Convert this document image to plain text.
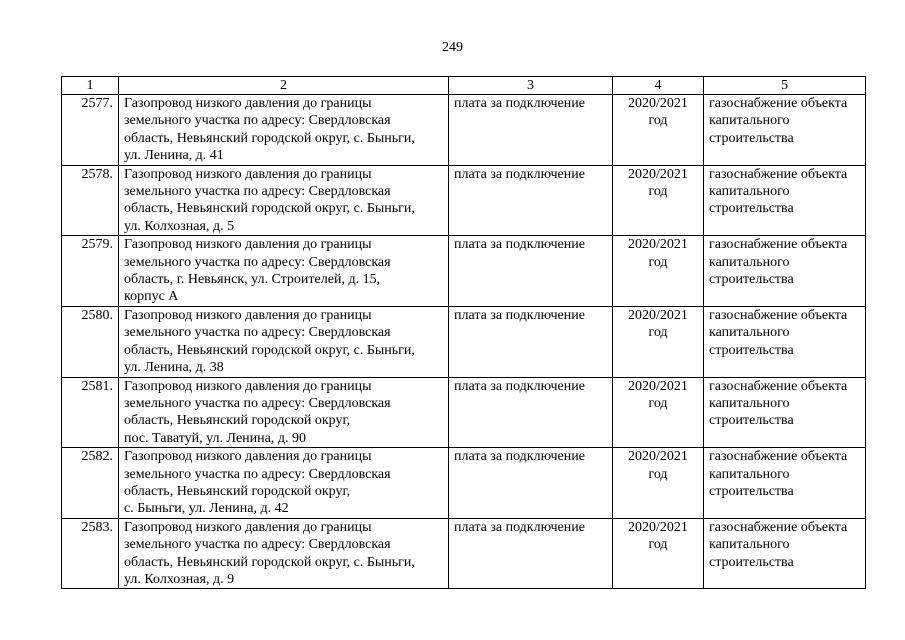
249
1	2	3	4	5
2577.	Газопровод низкого давления до границы
земельного участка по адресу: Свердловская
область, Невьянский городской округ, с. Быньги,
ул. Ленина, д. 41	плата за подключение	2020/2021
год	газоснабжение объекта
капитального
строительства

2578.	Газопровод низкого давления до границы
земельного участка по адресу: Свердловская
область, Невьянский городской округ, с. Быньги,
ул. Колхозная, д. 5	плата за подключение	2020/2021
год	газоснабжение объекта
капитального
строительства

2579.	Газопровод низкого давления до границы
земельного участка по адресу: Свердловская
область, г. Невьянск, ул. Строителей, д. 15,
корпус А	плата за подключение	2020/2021
год	газоснабжение объекта
капитального
строительства

2580.	Газопровод низкого давления до границы
земельного участка по адресу: Свердловская
область, Невьянский городской округ, с. Быньги,
ул. Ленина, д. 38	плата за подключение	2020/2021
год	газоснабжение объекта
капитального
строительства

2581.	Газопровод низкого давления до границы
земельного участка по адресу: Свердловская
область, Невьянский городской округ,
пос. Таватуй, ул. Ленина, д. 90	плата за подключение	2020/2021
год	газоснабжение объекта
капитального
строительства

2582.	Газопровод низкого давления до границы
земельного участка по адресу: Свердловская
область, Невьянский городской округ,
с. Быньги, ул. Ленина, д. 42	плата за подключение	2020/2021
год	газоснабжение объекта
капитального
строительства

2583.	Газопровод низкого давления до границы
земельного участка по адресу: Свердловская
область, Невьянский городской округ, с. Быньги,
ул. Колхозная, д. 9	плата за подключение	2020/2021
год	газоснабжение объекта
капитального
строительства
